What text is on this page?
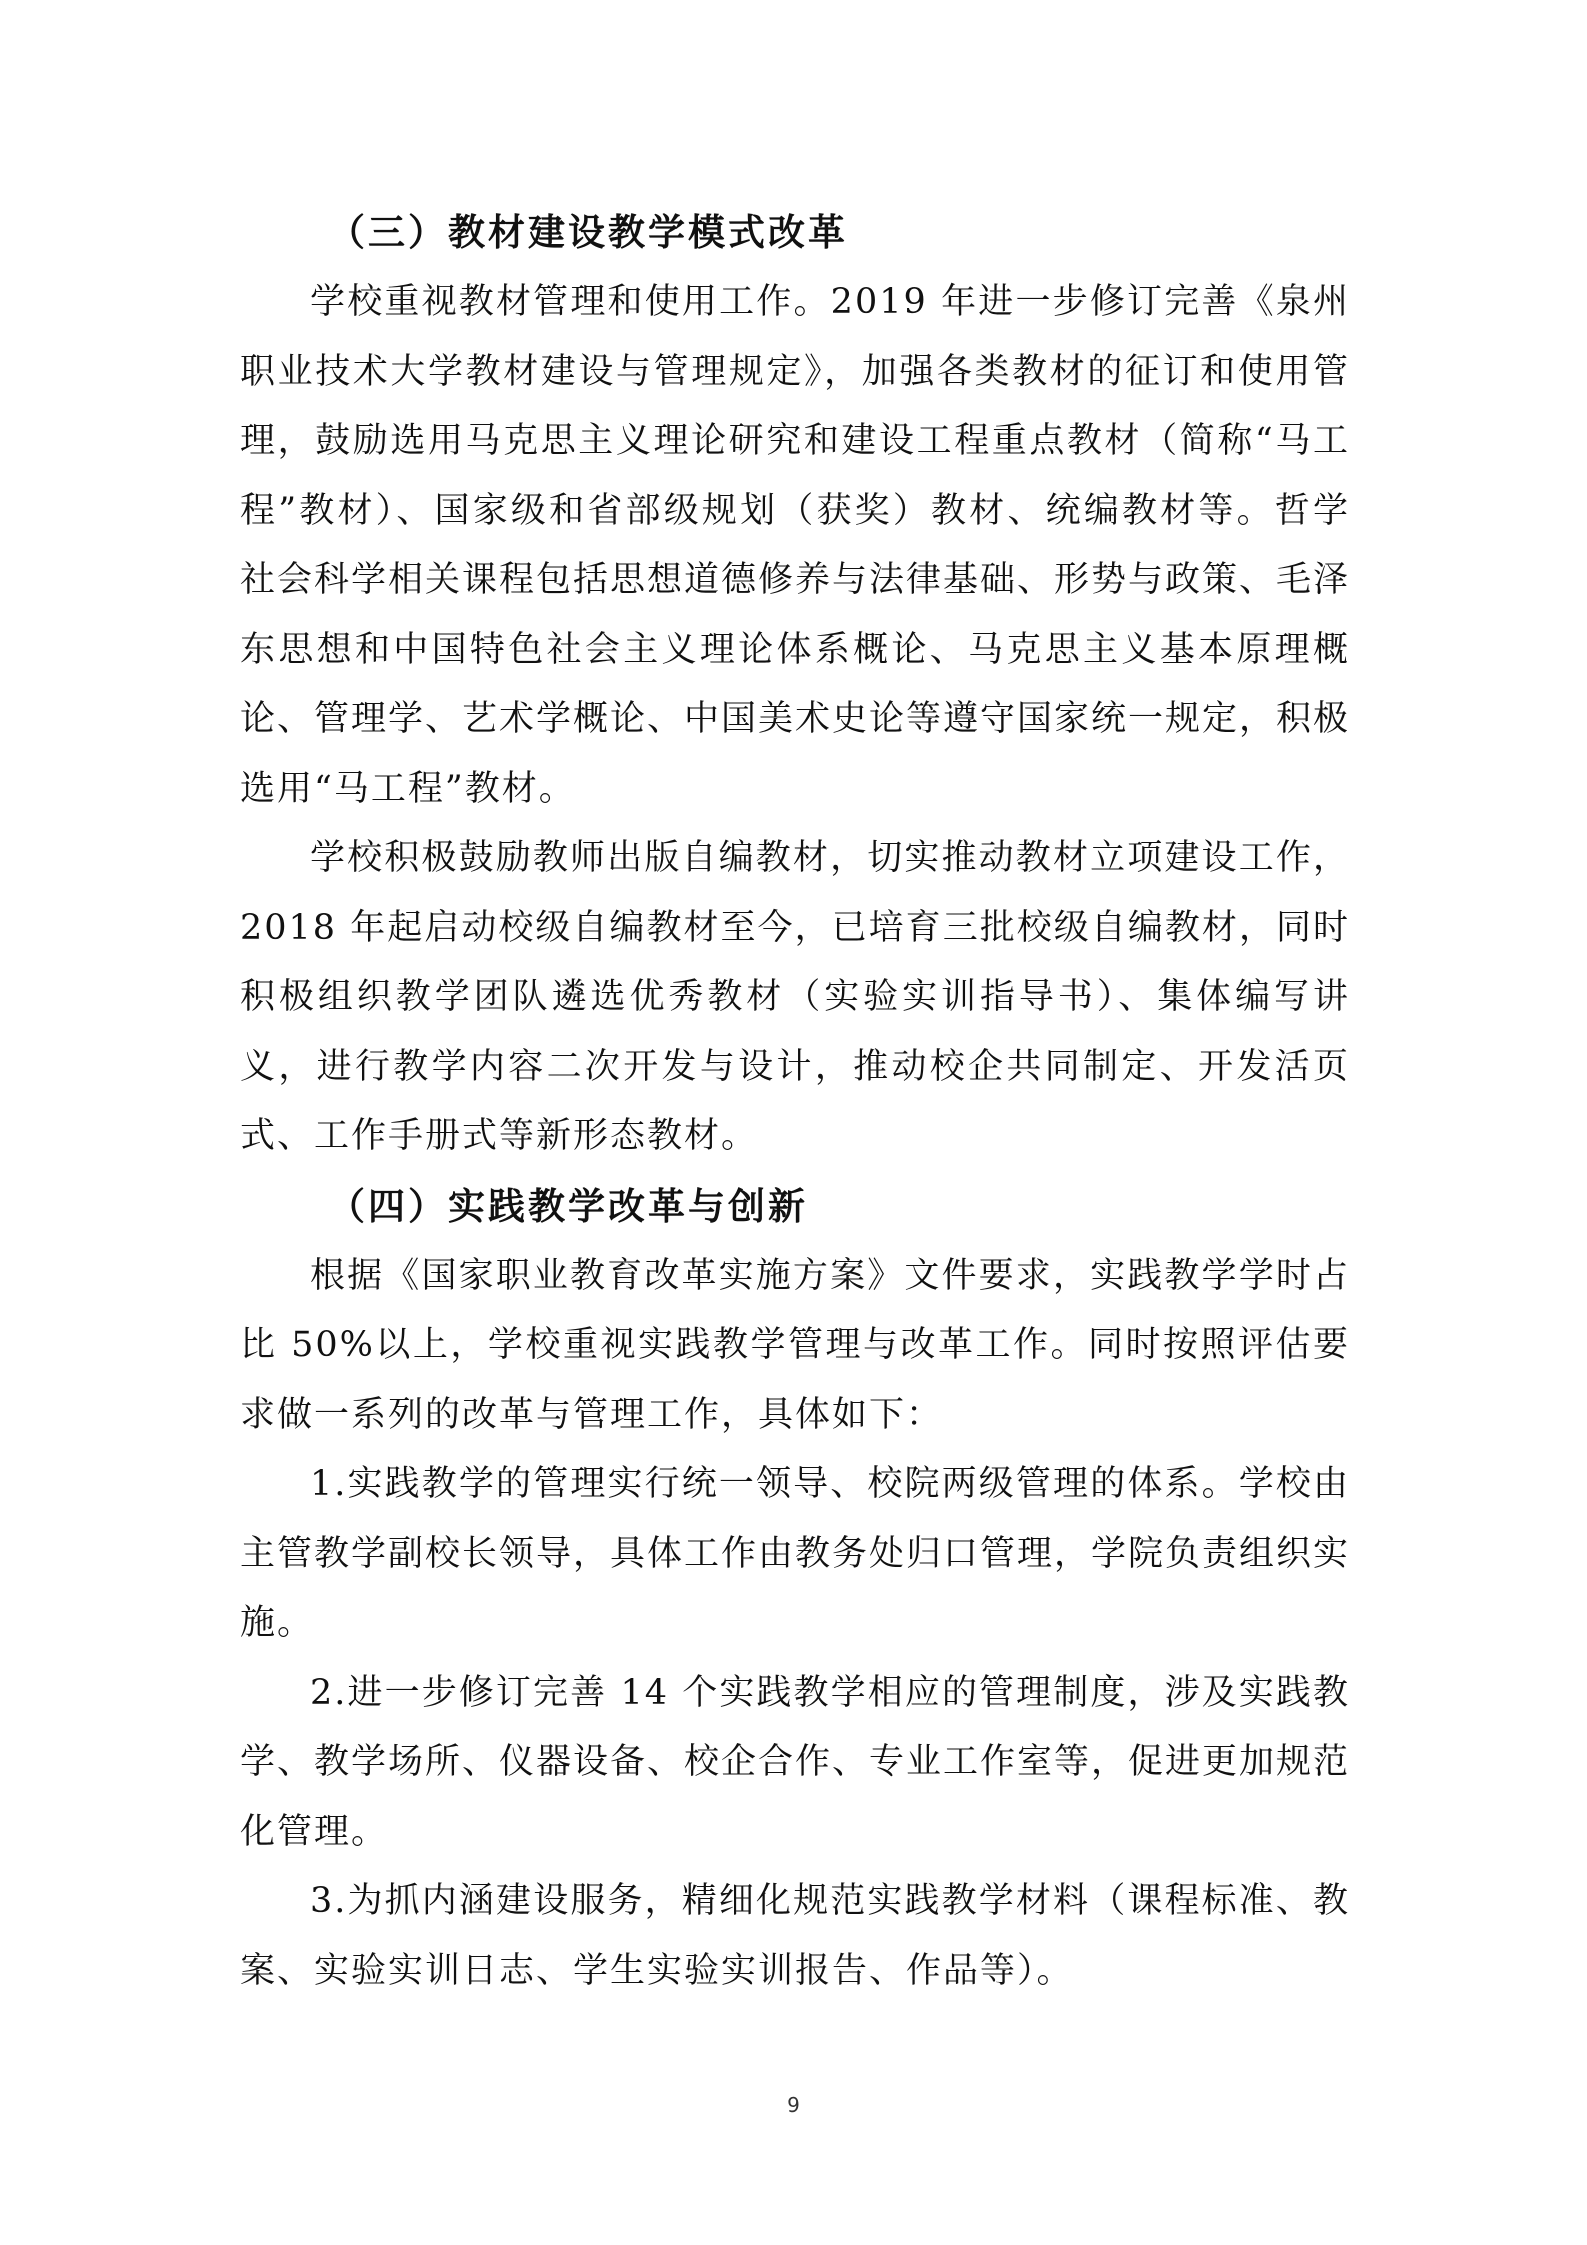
（三）教材建设教学模式改革

学校重视教材管理和使用工作。2019 年进一步修订完善《泉州职业技术大学教材建设与管理规定》，加强各类教材的征订和使用管理，鼓励选用马克思主义理论研究和建设工程重点教材（简称“马工程”教材）、国家级和省部级规划（获奖）教材、统编教材等。哲学社会科学相关课程包括思想道德修养与法律基础、形势与政策、毛泽东思想和中国特色社会主义理论体系概论、马克思主义基本原理概论、管理学、艺术学概论、中国美术史论等遵守国家统一规定，积极选用“马工程”教材。

学校积极鼓励教师出版自编教材，切实推动教材立项建设工作，2018 年起启动校级自编教材至今，已培育三批校级自编教材，同时积极组织教学团队遴选优秀教材（实验实训指导书）、集体编写讲义，进行教学内容二次开发与设计，推动校企共同制定、开发活页式、工作手册式等新形态教材。

（四）实践教学改革与创新

根据《国家职业教育改革实施方案》文件要求，实践教学学时占比 50%以上，学校重视实践教学管理与改革工作。同时按照评估要求做一系列的改革与管理工作，具体如下：

1.实践教学的管理实行统一领导、校院两级管理的体系。学校由主管教学副校长领导，具体工作由教务处归口管理，学院负责组织实施。

2.进一步修订完善 14 个实践教学相应的管理制度，涉及实践教学、教学场所、仪器设备、校企合作、专业工作室等，促进更加规范化管理。

3.为抓内涵建设服务，精细化规范实践教学材料（课程标准、教案、实验实训日志、学生实验实训报告、作品等）。

9
